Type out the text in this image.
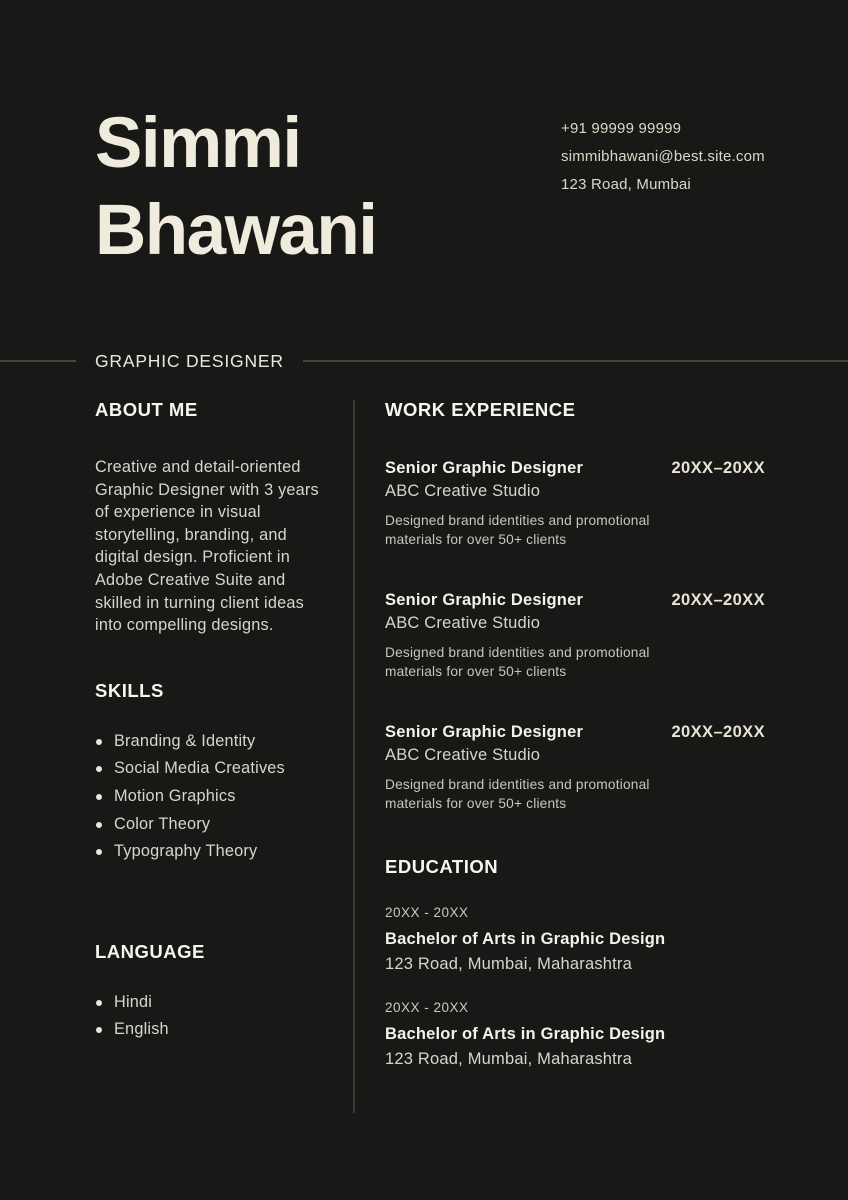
Simmi
Bhawani
+91 99999 99999
simmibhawani@best.site.com
123 Road, Mumbai
GRAPHIC DESIGNER
ABOUT ME
Creative and detail-oriented Graphic Designer with 3 years of experience in visual storytelling, branding, and digital design. Proficient in Adobe Creative Suite and skilled in turning client ideas into compelling designs.
SKILLS
Branding & Identity
Social Media Creatives
Motion Graphics
Color Theory
Typography Theory
LANGUAGE
Hindi
English
WORK EXPERIENCE
Senior Graphic Designer	20XX–20XX
ABC Creative Studio
Designed brand identities and promotional materials for over 50+ clients
Senior Graphic Designer	20XX–20XX
ABC Creative Studio
Designed brand identities and promotional materials for over 50+ clients
Senior Graphic Designer	20XX–20XX
ABC Creative Studio
Designed brand identities and promotional materials for over 50+ clients
EDUCATION
20XX - 20XX
Bachelor of Arts in Graphic Design
123 Road, Mumbai, Maharashtra
20XX - 20XX
Bachelor of Arts in Graphic Design
123 Road, Mumbai, Maharashtra
